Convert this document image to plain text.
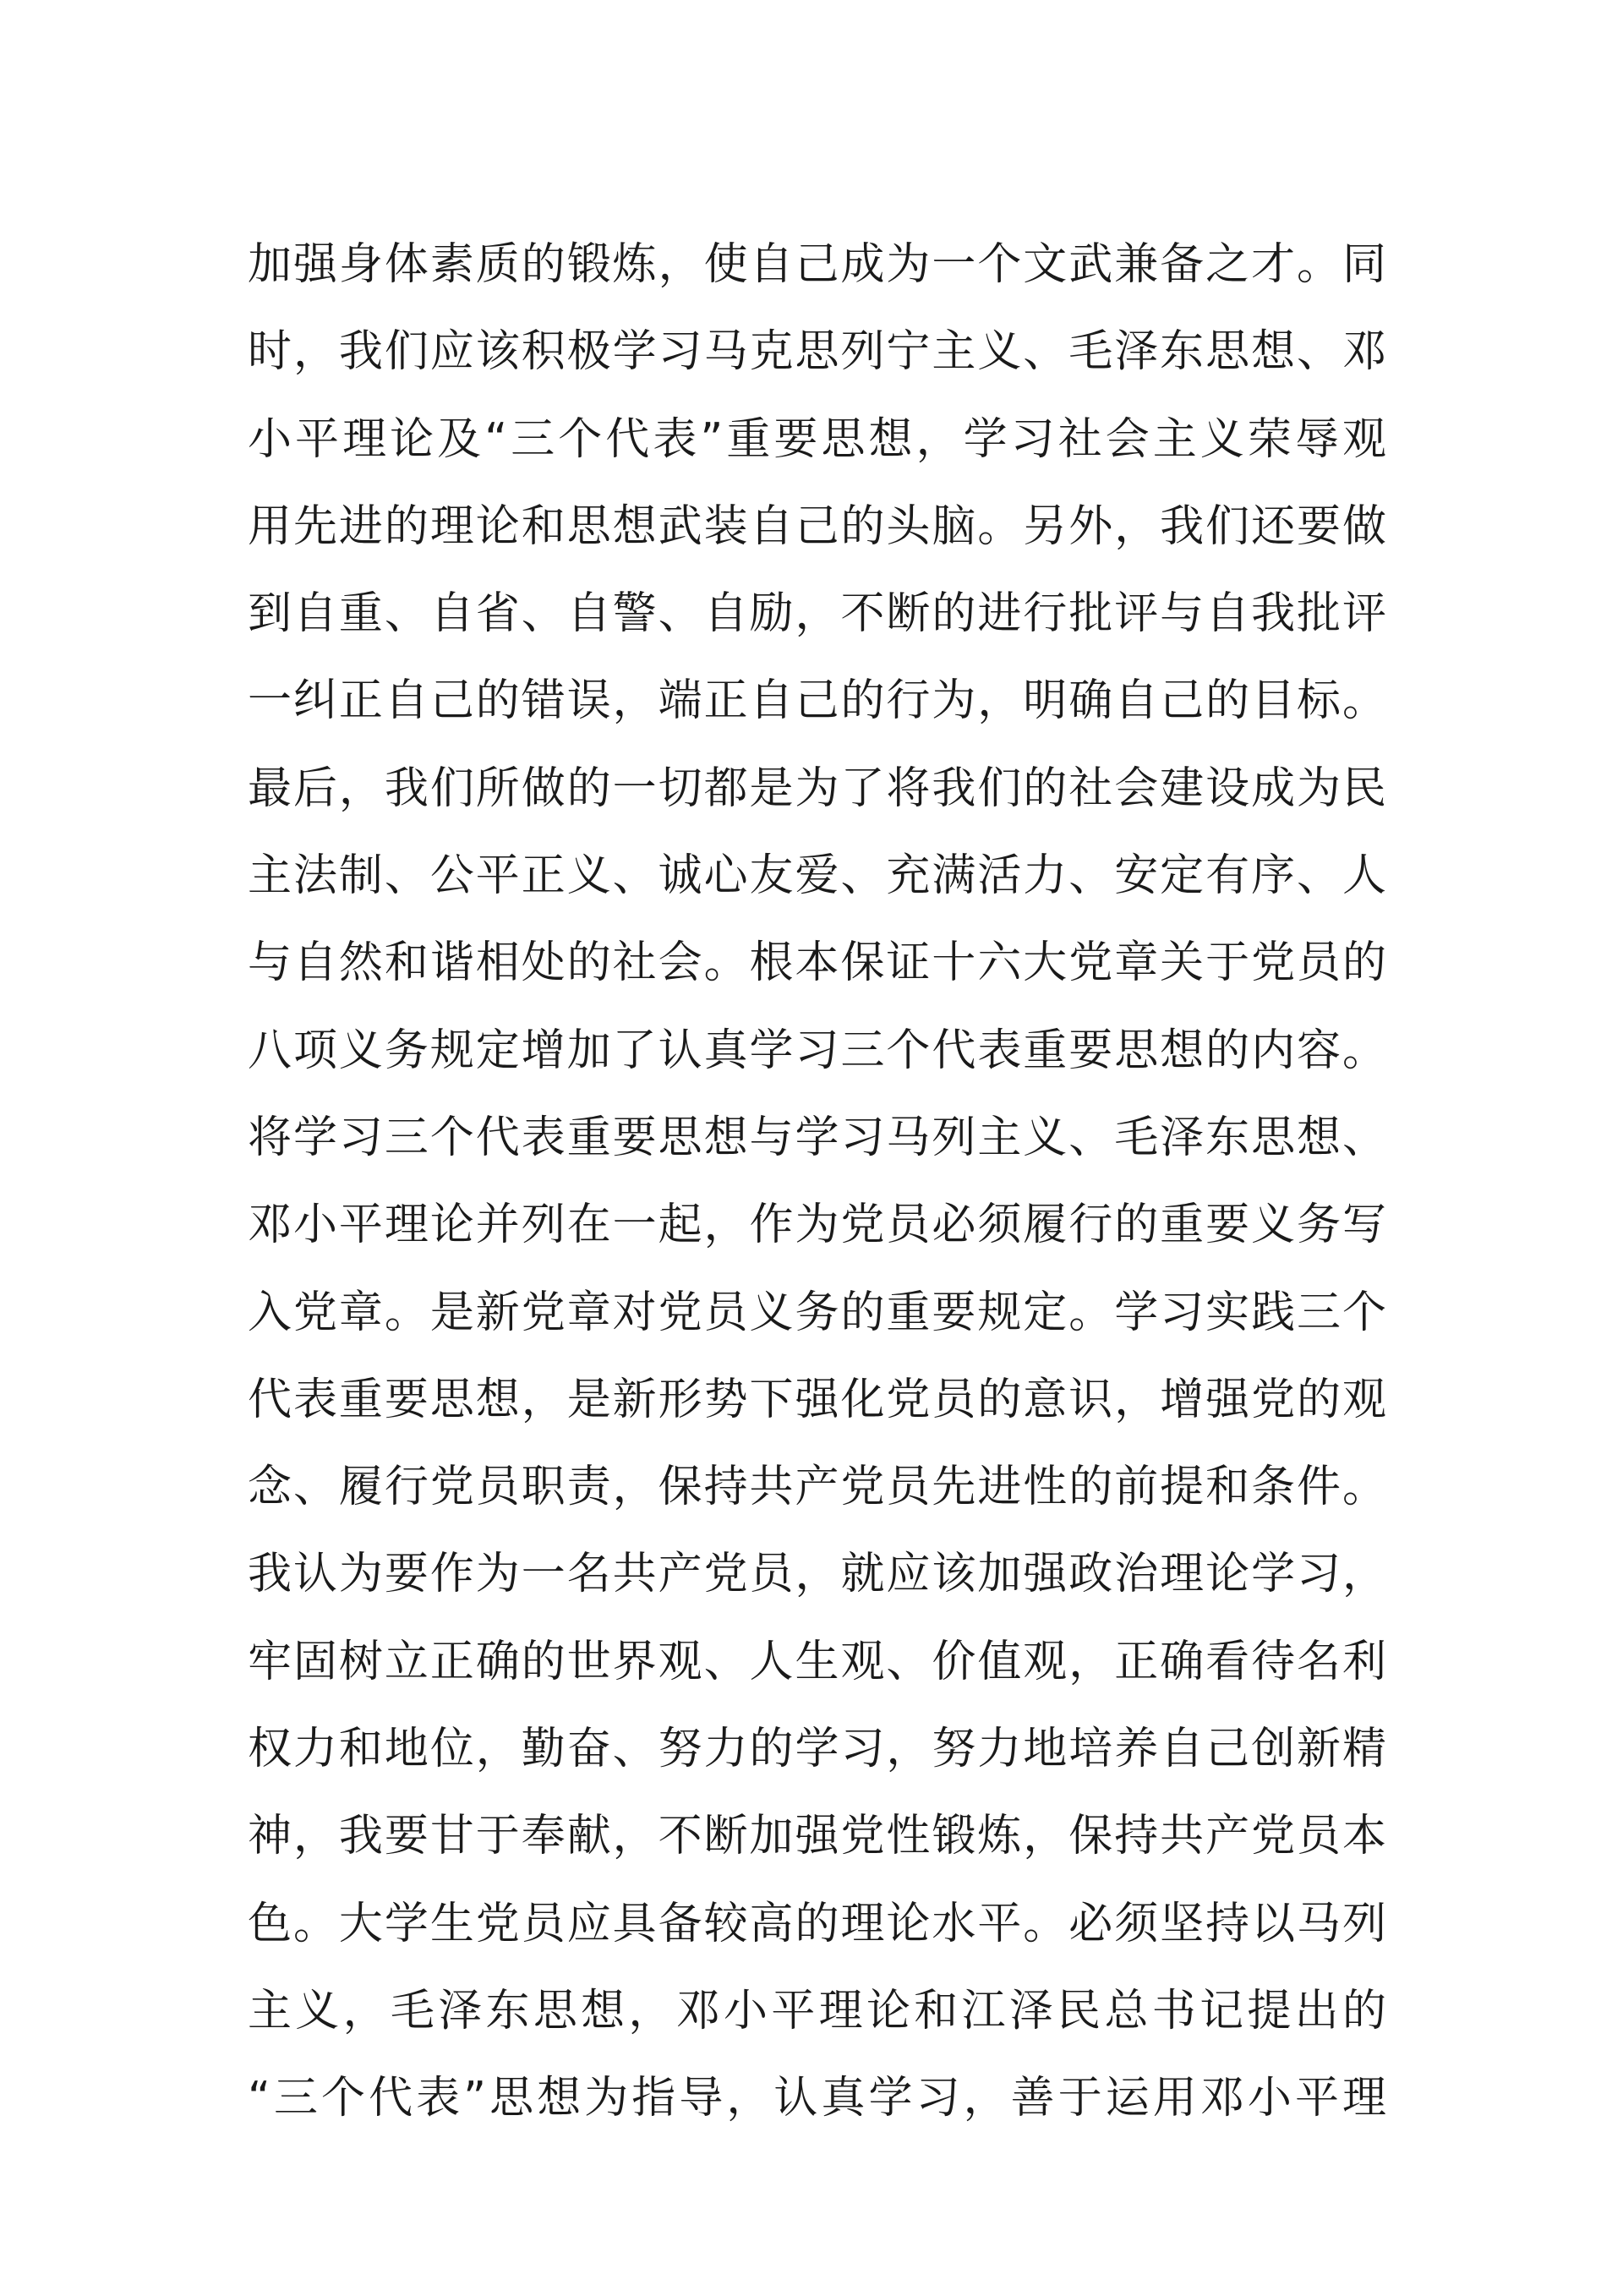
加强身体素质的锻炼，使自己成为一个文武兼备之才。同
时，我们应该积极学习马克思列宁主义、毛泽东思想、邓
小平理论及“三个代表”重要思想，学习社会主义荣辱观
用先进的理论和思想武装自己的头脑。另外，我们还要做
到自重、自省、自警、自励，不断的进行批评与自我批评
一纠正自己的错误，端正自己的行为，明确自己的目标。
最后，我们所做的一切都是为了将我们的社会建设成为民
主法制、公平正义、诚心友爱、充满活力、安定有序、人
与自然和谐相处的社会。根本保证十六大党章关于党员的
八项义务规定增加了认真学习三个代表重要思想的内容。
将学习三个代表重要思想与学习马列主义、毛泽东思想、
邓小平理论并列在一起，作为党员必须履行的重要义务写
入党章。是新党章对党员义务的重要规定。学习实践三个
代表重要思想，是新形势下强化党员的意识，增强党的观
念、履行党员职责，保持共产党员先进性的前提和条件。
我认为要作为一名共产党员，就应该加强政治理论学习，
牢固树立正确的世界观、人生观、价值观，正确看待名利
权力和地位，勤奋、努力的学习，努力地培养自己创新精
神，我要甘于奉献，不断加强党性锻炼，保持共产党员本
色。大学生党员应具备较高的理论水平。必须坚持以马列
主义，毛泽东思想，邓小平理论和江泽民总书记提出的
“三个代表”思想为指导，认真学习，善于运用邓小平理
